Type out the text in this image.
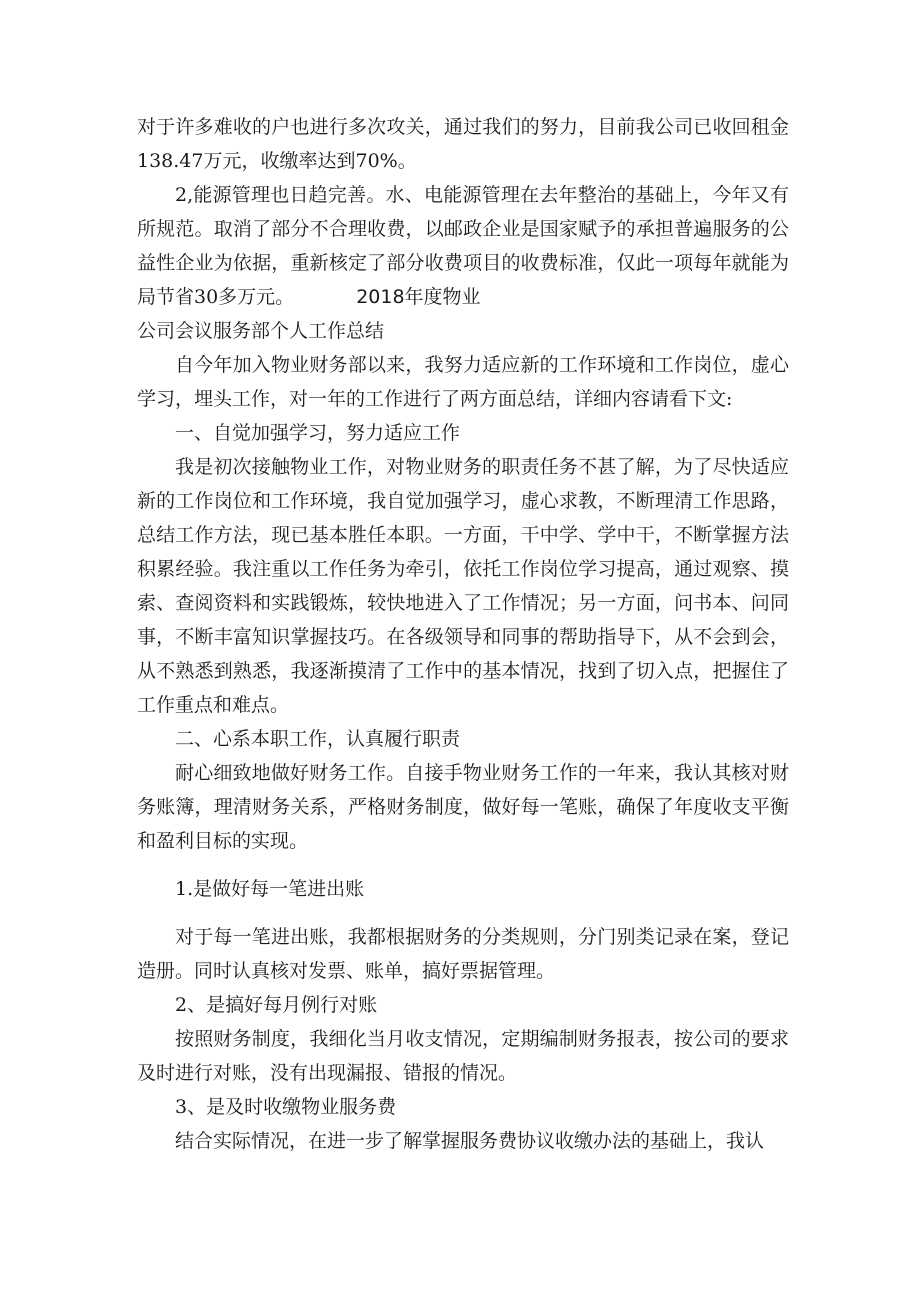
对于许多难收的户也进行多次攻关，通过我们的努力，目前我公司已收回租金138.47万元，收缴率达到70%。

2,能源管理也日趋完善。水、电能源管理在去年整治的基础上，今年又有所规范。取消了部分不合理收费，以邮政企业是国家赋予的承担普遍服务的公益性企业为依据，重新核定了部分收费项目的收费标准，仅此一项每年就能为局节省30多万元。	2018年度物业

公司会议服务部个人工作总结

自今年加入物业财务部以来，我努力适应新的工作环境和工作岗位，虚心学习，埋头工作，对一年的工作进行了两方面总结，详细内容请看下文:

一、自觉加强学习，努力适应工作

我是初次接触物业工作，对物业财务的职责任务不甚了解，为了尽快适应新的工作岗位和工作环境，我自觉加强学习，虚心求教，不断理清工作思路，总结工作方法，现已基本胜任本职。一方面，干中学、学中干，不断掌握方法积累经验。我注重以工作任务为牵引，依托工作岗位学习提高，通过观察、摸索、查阅资料和实践锻炼，较快地进入了工作情况；另一方面，问书本、问同事，不断丰富知识掌握技巧。在各级领导和同事的帮助指导下，从不会到会，从不熟悉到熟悉，我逐渐摸清了工作中的基本情况，找到了切入点，把握住了工作重点和难点。

二、心系本职工作，认真履行职责

耐心细致地做好财务工作。自接手物业财务工作的一年来，我认其核对财务账簿，理清财务关系，严格财务制度，做好每一笔账，确保了年度收支平衡和盈利目标的实现。

1.是做好每一笔进出账

对于每一笔进出账，我都根据财务的分类规则，分门别类记录在案，登记造册。同时认真核对发票、账单，搞好票据管理。

2、是搞好每月例行对账

按照财务制度，我细化当月收支情况，定期编制财务报表，按公司的要求及时进行对账，没有出现漏报、错报的情况。

3、是及时收缴物业服务费

结合实际情况，在进一步了解掌握服务费协议收缴办法的基础上，我认
